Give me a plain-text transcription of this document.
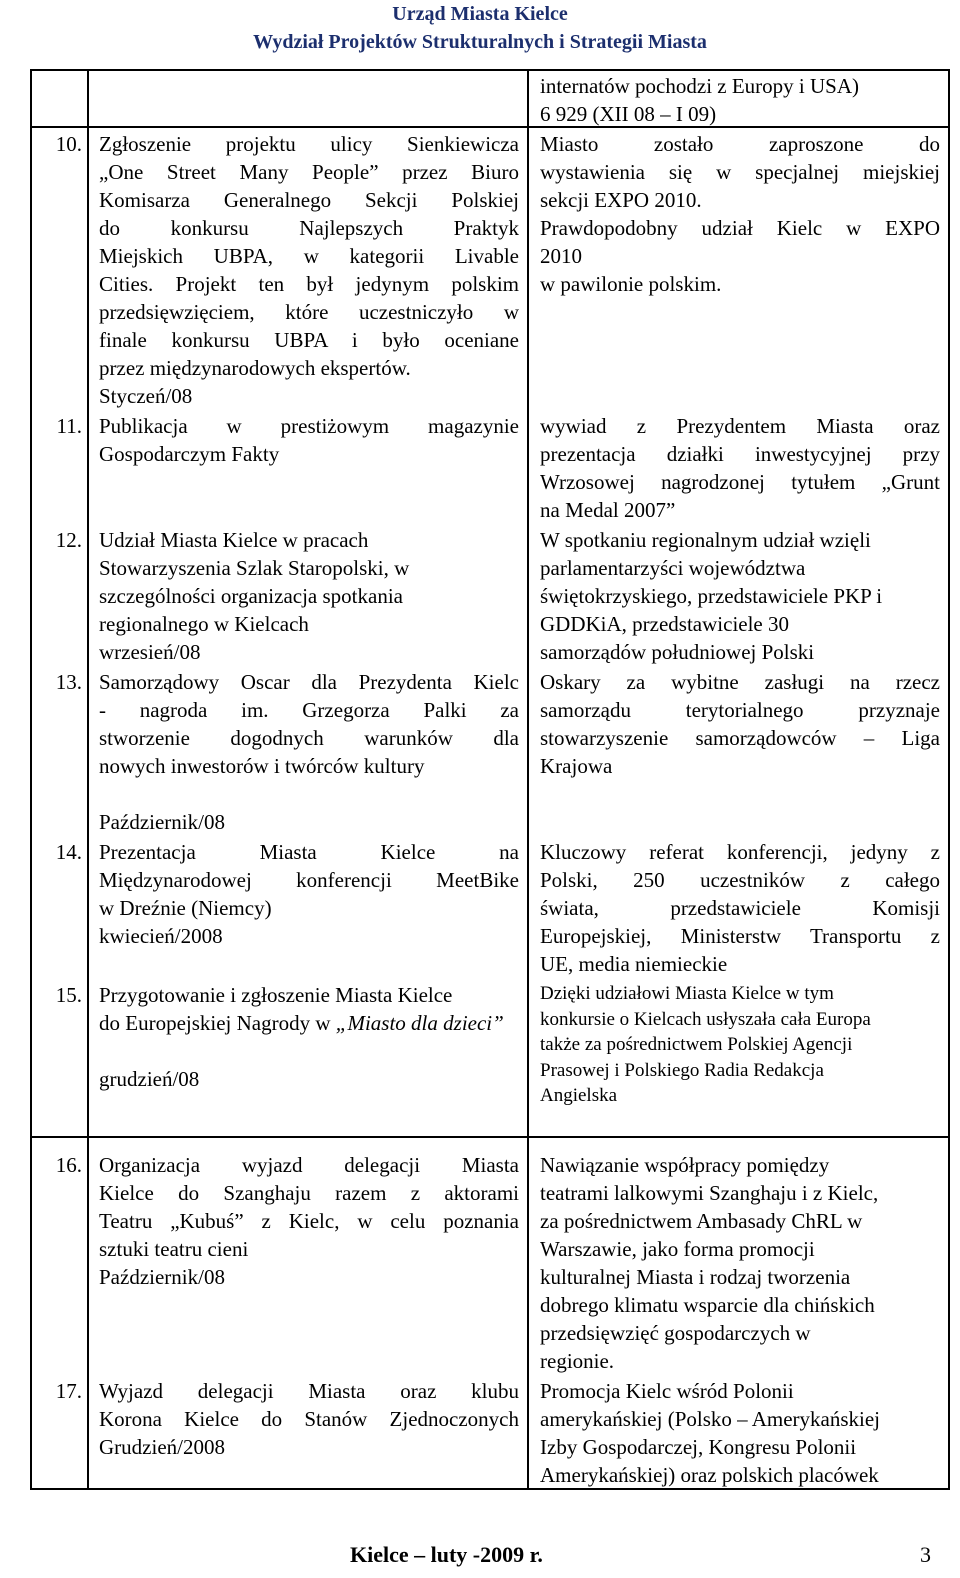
Urząd Miasta Kielce
Wydział Projektów Strukturalnych i Strategii Miasta

internatów pochodzi z Europy i USA)

6 929 (XII 08 – I 09)

10. Zgłoszenie projektu ulicy Sienkiewicza

„One Street Many People” przez Biuro

Komisarza Generalnego Sekcji Polskiej

do konkursu Najlepszych Praktyk

Miejskich UBPA, w kategorii Livable

Cities. Projekt ten był jedynym polskim

przedsięwzięciem, które uczestniczyło w

finale konkursu UBPA i było oceniane

przez międzynarodowych ekspertów.

Styczeń/08

Miasto zostało zaproszone do

wystawienia się w specjalnej miejskiej

sekcji EXPO 2010.

Prawdopodobny udział Kielc w EXPO

2010

w pawilonie polskim.

11. Publikacja w prestiżowym magazynie

Gospodarczym Fakty

wywiad z Prezydentem Miasta oraz

prezentacja działki inwestycyjnej przy

Wrzosowej nagrodzonej tytułem „Grunt

na Medal 2007”

12. Udział Miasta Kielce w pracach

Stowarzyszenia Szlak Staropolski, w

szczególności organizacja spotkania

regionalnego w Kielcach

wrzesień/08

W spotkaniu regionalnym udział wzięli

parlamentarzyści województwa

świętokrzyskiego, przedstawiciele PKP i

GDDKiA, przedstawiciele 30

samorządów południowej Polski

13. Samorządowy Oscar dla Prezydenta Kielc

- nagroda im. Grzegorza Palki za

stworzenie dogodnych warunków dla

nowych inwestorów i twórców kultury

Październik/08

Oskary za wybitne zasługi na rzecz

samorządu terytorialnego przyznaje

stowarzyszenie samorządowców – Liga

Krajowa

14. Prezentacja Miasta Kielce na

Międzynarodowej konferencji MeetBike

w Dreźnie (Niemcy)

kwiecień/2008

Kluczowy referat konferencji, jedyny z

Polski, 250 uczestników z całego

świata, przedstawiciele Komisji

Europejskiej, Ministerstw Transportu z

UE, media niemieckie

15. Przygotowanie i zgłoszenie Miasta Kielce

do Europejskiej Nagrody w „Miasto dla dzieci”

grudzień/08

Dzięki udziałowi Miasta Kielce w tym

konkursie o Kielcach usłyszała cała Europa

także za pośrednictwem Polskiej Agencji

Prasowej i Polskiego Radia Redakcja

Angielska

16. Organizacja wyjazd delegacji Miasta

Kielce do Szanghaju razem z aktorami

Teatru „Kubuś” z Kielc, w celu poznania

sztuki teatru cieni

Październik/08

Nawiązanie współpracy pomiędzy

teatrami lalkowymi Szanghaju i z Kielc,

za pośrednictwem Ambasady ChRL w

Warszawie, jako forma promocji

kulturalnej Miasta i rodzaj tworzenia

dobrego klimatu wsparcie dla chińskich

przedsięwzięć gospodarczych w

regionie.

17. Wyjazd delegacji Miasta oraz klubu

Korona Kielce do Stanów Zjednoczonych

Grudzień/2008

Promocja Kielc wśród Polonii

amerykańskiej (Polsko – Amerykańskiej

Izby Gospodarczej, Kongresu Polonii

Amerykańskiej) oraz polskich placówek

Kielce – luty -2009 r.	3
